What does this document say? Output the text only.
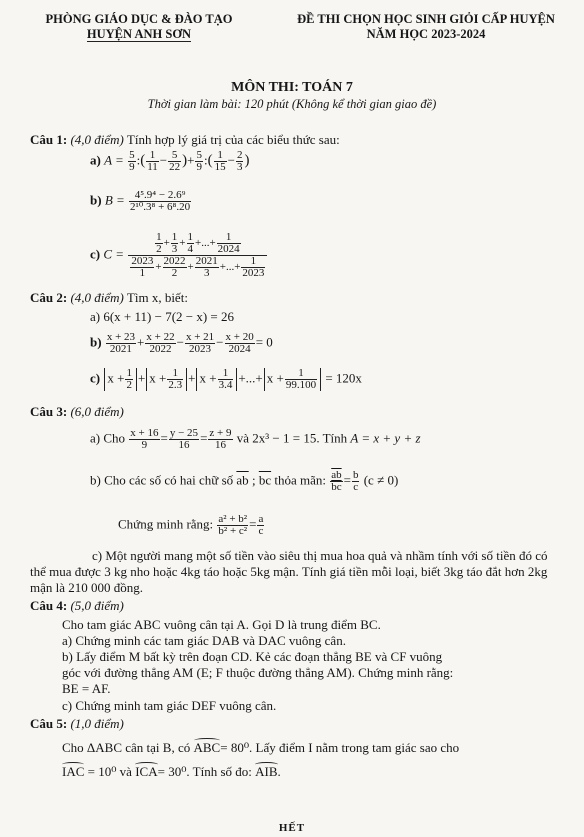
PHÒNG GIÁO DỤC & ĐÀO TẠO
HUYỆN ANH SƠN
ĐỀ THI CHỌN HỌC SINH GIỎI CẤP HUYỆN
NĂM HỌC 2023-2024
MÔN THI: TOÁN 7
Thời gian làm bài: 120 phút (Không kể thời gian giao đề)
Câu 1: (4,0 điểm) Tính hợp lý giá trị của các biểu thức sau:
a) $A = \frac{5}{9}$ :( $\frac{1}{11} - \frac{5}{22}$ )+ $\frac{5}{9}$ :( $\frac{1}{15} - \frac{2}{3}$ )
b) $B = \frac{\text{4⁵.9⁴ − 2.6⁹}}{\text{2¹⁰.3⁸ + 6⁸.20}}$
c) $C = \frac{\frac{1}{2} + \frac{1}{3} + \frac{1}{4} +...+ \frac{1}{2024}}{\frac{2023}{1} + \frac{2022}{2} + \frac{2021}{3} +...+ \frac{1}{2023}}$
Câu 2: (4,0 điểm) Tìm x, biết:
a) 6(x + 11) − 7(2 − x) = 26
$b) \frac{x + 23}{2021} + \frac{x + 22}{2022} - \frac{x + 21}{2023} - \frac{x + 20}{2024} = 0$
c) $x + \frac{1}{2} + x + \frac{1}{2.3} + x + \frac{1}{3.4}$ +...+ $x + \frac{1}{99.100} = 120x$
Câu 3: (6,0 điểm)
a) Cho $\frac{x + 16}{9} = \frac{y - 25}{16} = \frac{z + 9}{16}$ và 2x³ − 1 = 15. Tính A = x + y + z
b) Cho các số có hai chữ số $\overline{ab}$ ; $\overline{bc}$ thỏa mãn: $\frac{\overline{ab}}{bc} = \frac{b}{c} (c \ne 0)$
Chứng minh rằng: $\frac{\text{a² + b²}}{\text{b² + c²}} = \frac{a}{c}$
c) Một người mang một số tiền vào siêu thị mua hoa quả và nhầm tính với số tiền đó có thể mua được 3 kg nho hoặc 4kg táo hoặc 5kg mận. Tính giá tiền mỗi loại, biết 3kg táo đắt hơn 2kg mận là 210 000 đồng.
Câu 4: (5,0 điểm)
Cho tam giác ABC vuông cân tại A. Gọi D là trung điểm BC.
a) Chứng minh các tam giác DAB và DAC vuông cân.
b) Lấy điểm M bất kỳ trên đoạn CD. Kẻ các đoạn thẳng BE và CF vuông
góc với đường thẳng AM (E; F thuộc đường thẳng AM). Chứng minh rằng:
BE = AF.
c) Chứng minh tam giác DEF vuông cân.
Câu 5: (1,0 điểm)
Cho ΔABC cân tại B, có ABC= 80⁰. Lấy điểm I nằm trong tam giác sao cho
IAC = 10⁰ và ICA= 30⁰. Tính số đo: AIB.
HẾT
